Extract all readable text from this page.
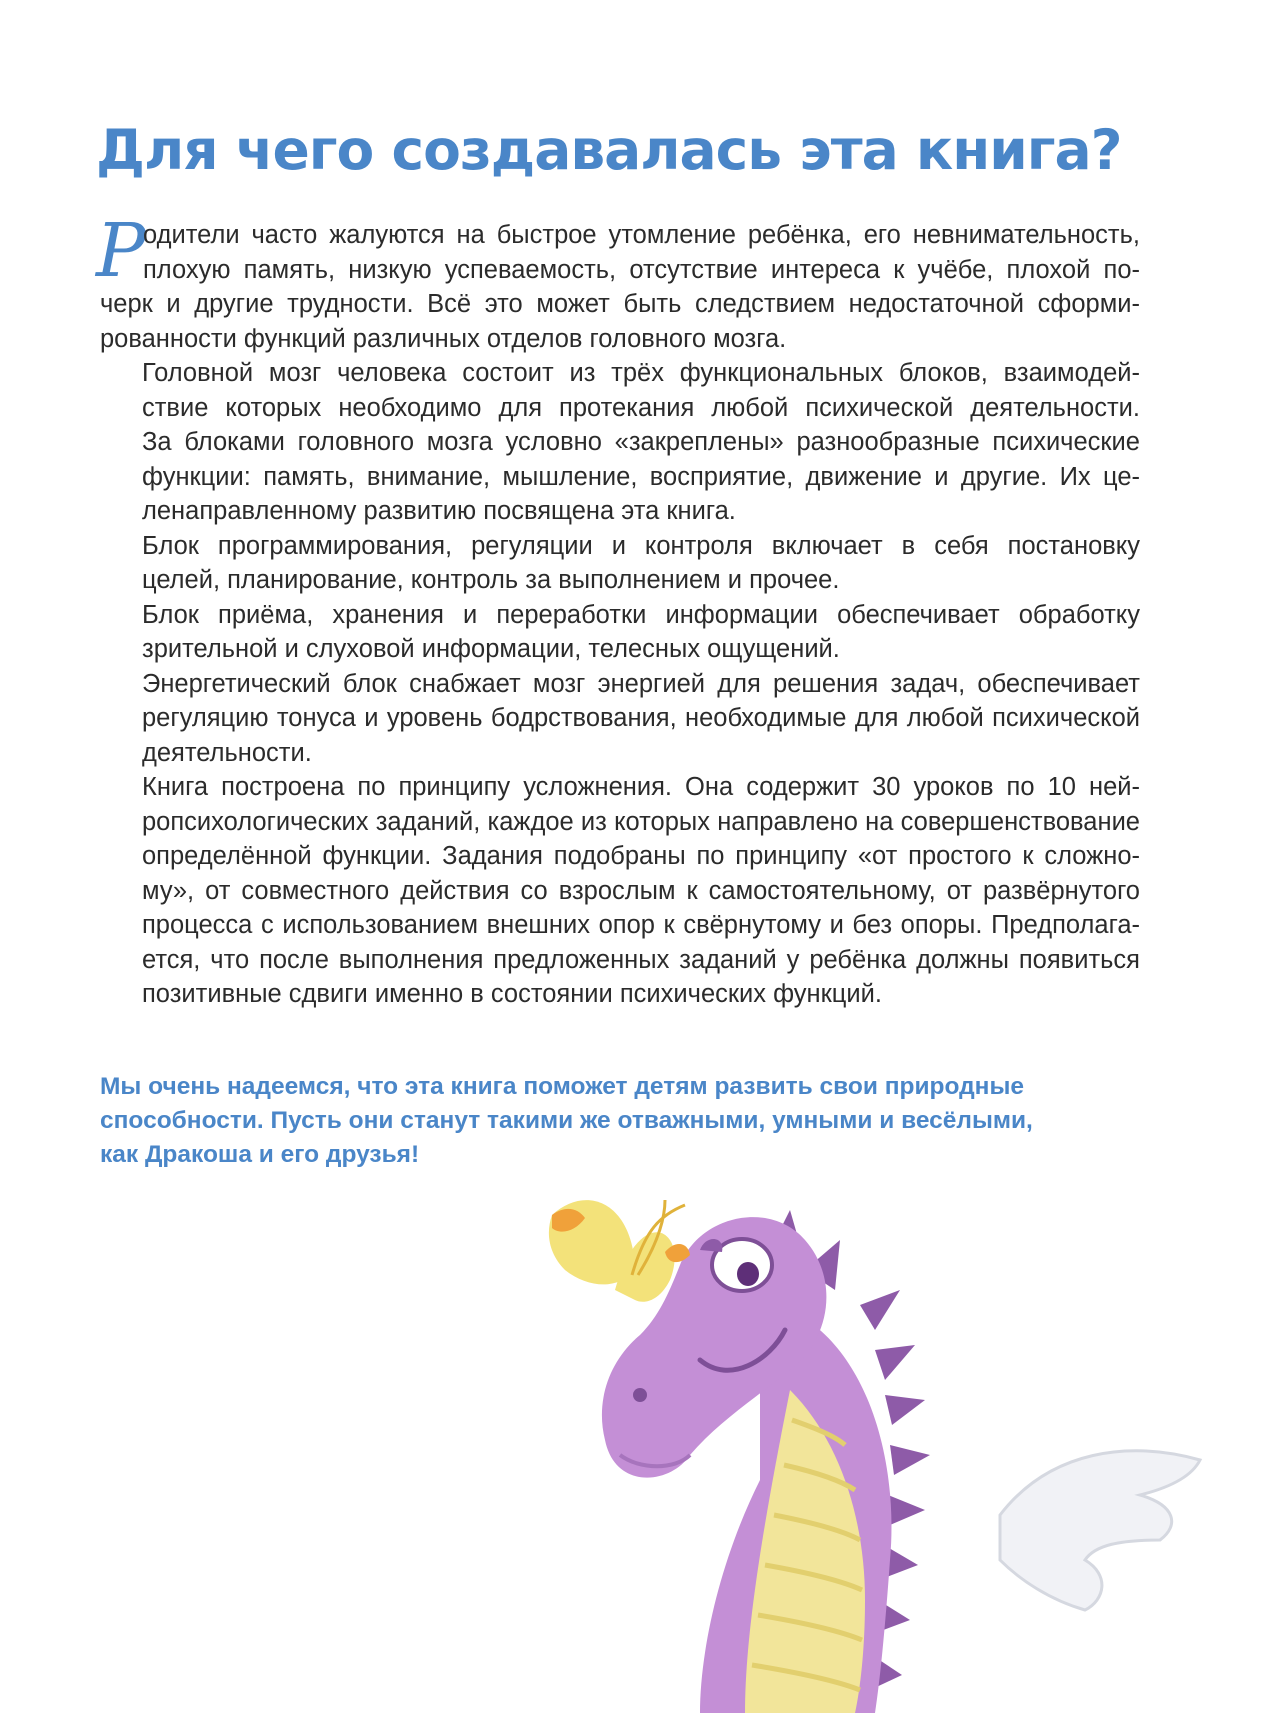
Для чего создавалась эта книга?
Р

одители часто жалуются на быстрое утомление ребёнка, его невнимательность,
плохую память, низкую успеваемость, отсутствие интереса к учёбе, плохой по-
черк и другие трудности. Всё это может быть следствием недостаточной сформи-
рованности функций различных отделов головного мозга.

Головной мозг человека состоит из трёх функциональных блоков, взаимодей-
ствие которых необходимо для протекания любой психической деятельности.
За блоками головного мозга условно «закреплены» разнообразные психические
функции: память, внимание, мышление, восприятие, движение и другие. Их це-
ленаправленному развитию посвящена эта книга.

Блок программирования, регуляции и контроля включает в себя постановку
целей, планирование, контроль за выполнением и прочее.

Блок приёма, хранения и переработки информации обеспечивает обработку
зрительной и слуховой информации, телесных ощущений.

Энергетический блок снабжает мозг энергией для решения задач, обеспечивает
регуляцию тонуса и уровень бодрствования, необходимые для любой психической
деятельности.

Книга построена по принципу усложнения. Она содержит 30 уроков по 10 ней-
ропсихологических заданий, каждое из которых направлено на совершенствование
определённой функции. Задания подобраны по принципу «от простого к сложно-
му», от совместного действия со взрослым к самостоятельному, от развёрнутого
процесса с использованием внешних опор к свёрнутому и без опоры. Предполага-
ется, что после выполнения предложенных заданий у ребёнка должны появиться
позитивные сдвиги именно в состоянии психических функций.

Мы очень надеемся, что эта книга поможет детям развить свои природные
способности. Пусть они станут такими же отважными, умными и весёлыми,
как Дракоша и его друзья!
